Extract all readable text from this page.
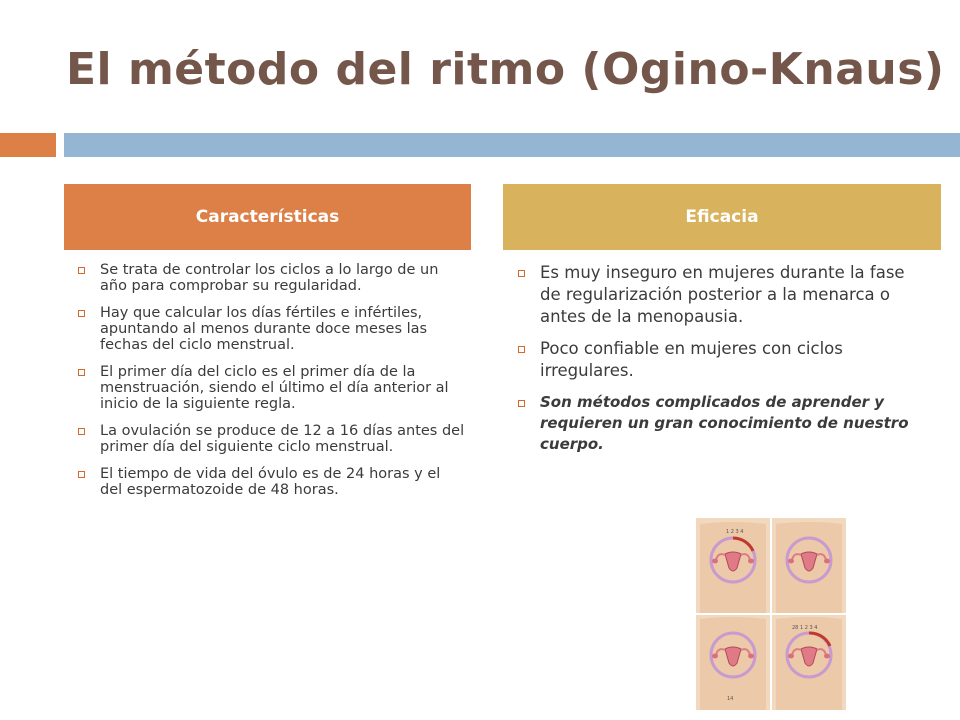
El método del ritmo (Ogino-Knaus)
Características	Eficacia
Se trata de controlar los ciclos a lo largo de un año para comprobar su regularidad.
Hay que calcular los días fértiles e infértiles, apuntando al menos durante doce meses las fechas del ciclo menstrual.
El primer día del ciclo es el primer día de la menstruación, siendo el último el día anterior al inicio de la siguiente regla.
La ovulación se produce de 12 a 16 días antes del primer día del siguiente ciclo menstrual.
El tiempo de vida del óvulo es de 24 horas y el del espermatozoide de 48 horas.
Es muy inseguro en mujeres durante la fase de regularización posterior a la menarca o antes de la menopausia.
Poco confiable en mujeres con ciclos irregulares.
Son métodos complicados de aprender y requieren un gran conocimiento de nuestro cuerpo.
1 2 3 4
14
28 1 2 3 4
